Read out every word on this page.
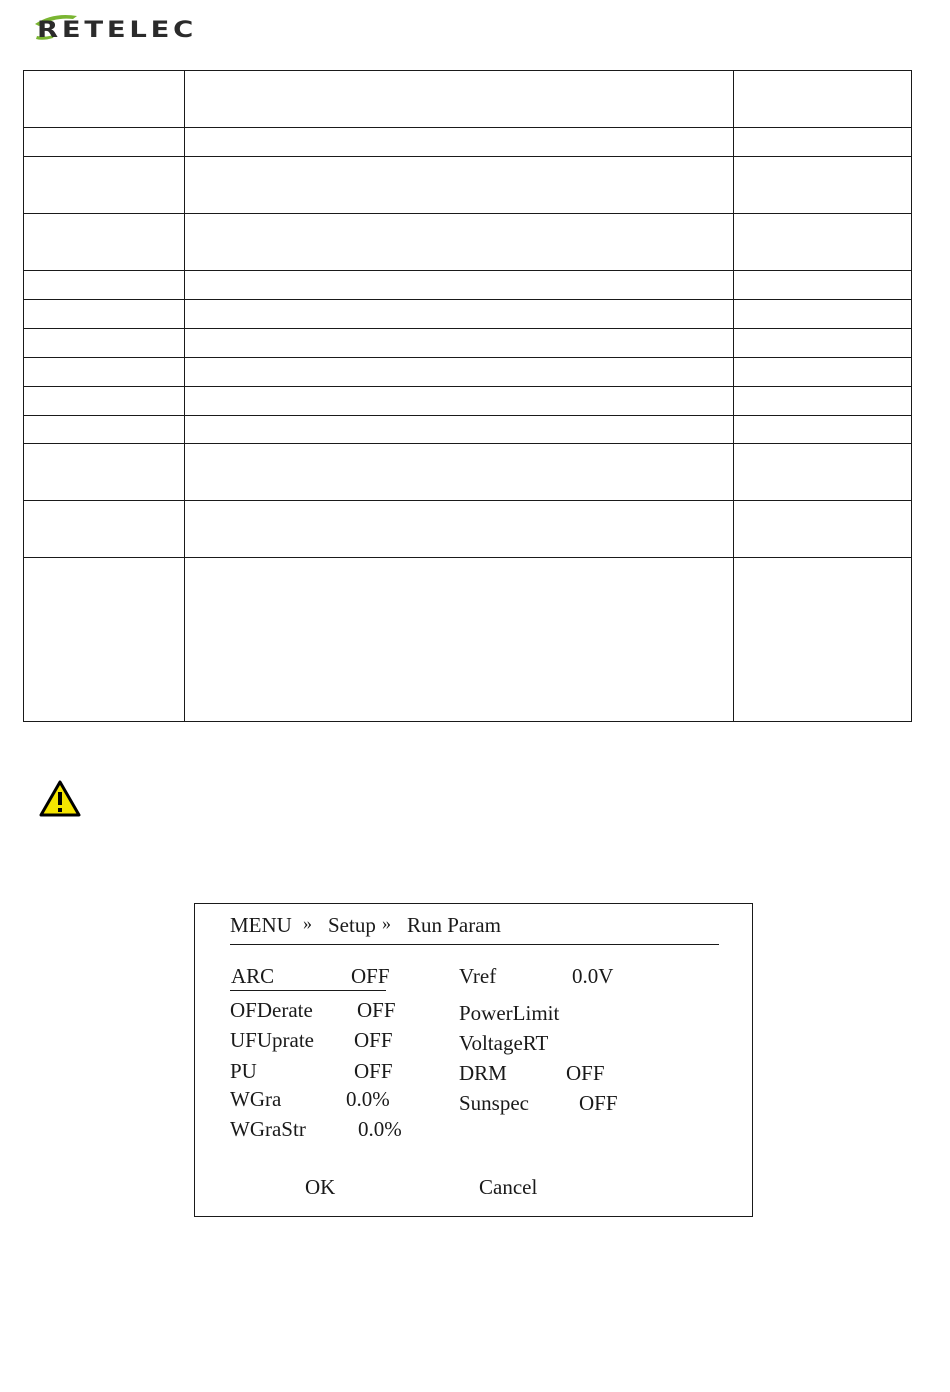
RETELEC
MENU » Setup » Run Param
ARC	OFF
OFDerate OFF
UFUprate OFF
PU	OFF
WGra	0.0%
WGraStr 0.0%
Vref	0.0V
PowerLimit
VoltageRT
DRM	OFF
Sunspec OFF
OK	Cancel
